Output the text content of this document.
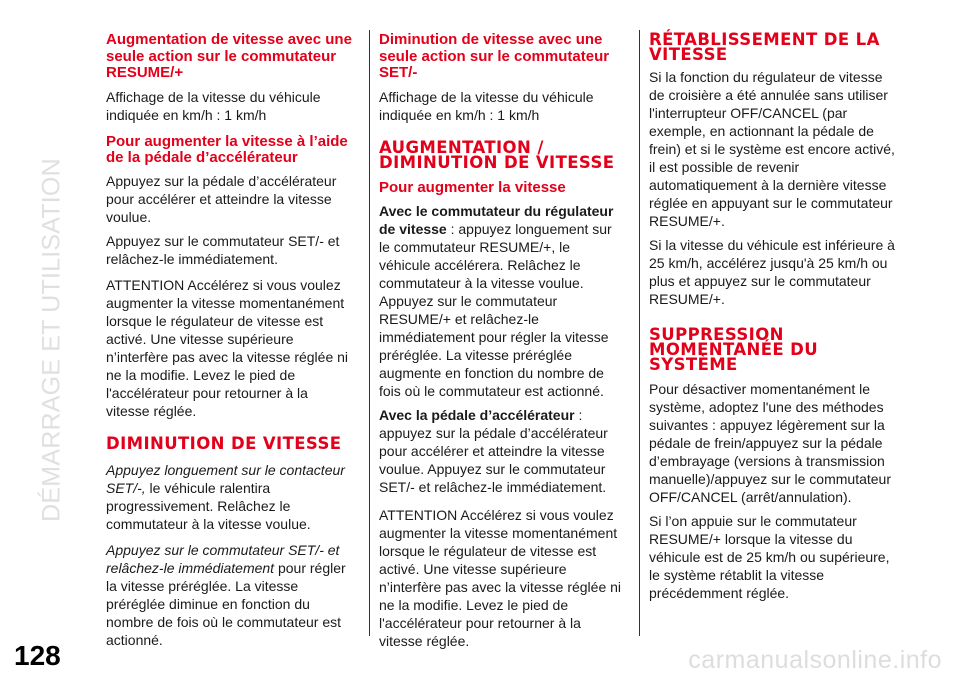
DÉMARRAGE ET UTILISATION
Augmentation de vitesse avec une seule action sur le commutateur RESUME/+

Affichage de la vitesse du véhicule indiquée en km/h : 1 km/h

Pour augmenter la vitesse à l’aide de la pédale d’accélérateur

Appuyez sur la pédale d’accélérateur pour accélérer et atteindre la vitesse voulue.

Appuyez sur le commutateur SET/- et relâchez-le immédiatement.

ATTENTION Accélérez si vous voulez augmenter la vitesse momentanément lorsque le régulateur de vitesse est activé. Une vitesse supérieure n’interfère pas avec la vitesse réglée ni ne la modifie. Levez le pied de l'accélérateur pour retourner à la vitesse réglée.

DIMINUTION DE VITESSE

Appuyez longuement sur le contacteur SET/-, le véhicule ralentira progressivement. Relâchez le commutateur à la vitesse voulue.

Appuyez sur le commutateur SET/- et relâchez-le immédiatement pour régler la vitesse préréglée. La vitesse préréglée diminue en fonction du nombre de fois où le commutateur est actionné.

Diminution de vitesse avec une seule action sur le commutateur SET/-

Affichage de la vitesse du véhicule indiquée en km/h : 1 km/h

AUGMENTATION / DIMINUTION DE VITESSE
Pour augmenter la vitesse

Avec le commutateur du régulateur de vitesse : appuyez longuement sur le commutateur RESUME/+, le véhicule accélérera. Relâchez le commutateur à la vitesse voulue. Appuyez sur le commutateur RESUME/+ et relâchez-le immédiatement pour régler la vitesse préréglée. La vitesse préréglée augmente en fonction du nombre de fois où le commutateur est actionné.

Avec la pédale d’accélérateur : appuyez sur la pédale d’accélérateur pour accélérer et atteindre la vitesse voulue. Appuyez sur le commutateur SET/- et relâchez-le immédiatement.

ATTENTION Accélérez si vous voulez augmenter la vitesse momentanément lorsque le régulateur de vitesse est activé. Une vitesse supérieure n’interfère pas avec la vitesse réglée ni ne la modifie. Levez le pied de l'accélérateur pour retourner à la vitesse réglée.

RÉTABLISSEMENT DE LA VITESSE

Si la fonction du régulateur de vitesse de croisière a été annulée sans utiliser l'interrupteur OFF/CANCEL (par exemple, en actionnant la pédale de frein) et si le système est encore activé, il est possible de revenir automatiquement à la dernière vitesse réglée en appuyant sur le commutateur RESUME/+.

Si la vitesse du véhicule est inférieure à 25 km/h, accélérez jusqu'à 25 km/h ou plus et appuyez sur le commutateur RESUME/+.

SUPPRESSION MOMENTANÉE DU SYSTÈME

Pour désactiver momentanément le système, adoptez l'une des méthodes suivantes : appuyez légèrement sur la pédale de frein/appuyez sur la pédale d’embrayage (versions à transmission manuelle)/appuyez sur le commutateur OFF/CANCEL (arrêt/annulation).

Si l’on appuie sur le commutateur RESUME/+ lorsque la vitesse du véhicule est de 25 km/h ou supérieure, le système rétablit la vitesse précédemment réglée.

128	carmanualsonline.info
